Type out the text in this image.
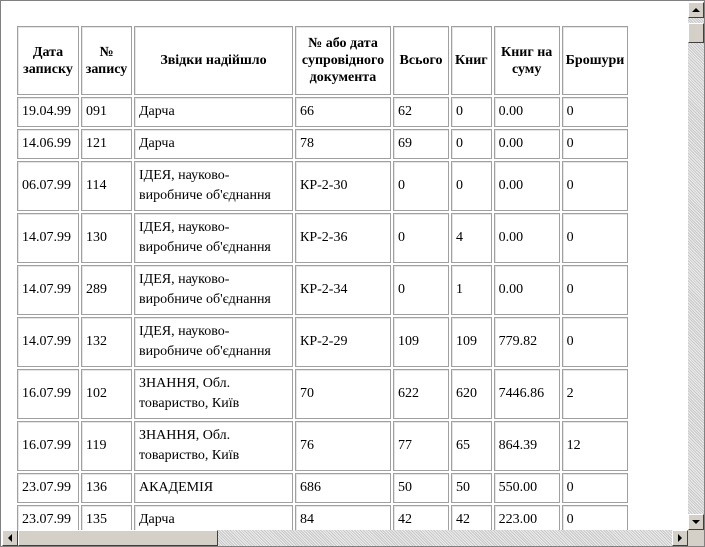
Дата записку	№ запису	Звідки надійшло	№ або дата супровідного документа	Всього	Книг	Книг на суму	Брошури
19.04.99	091	Дарча	66	62	0	0.00	0
14.06.99	121	Дарча	78	69	0	0.00	0
06.07.99	114	ІДЕЯ, науково-виробниче об'єднання	КР-2-30	0	0	0.00	0
14.07.99	130	ІДЕЯ, науково-виробниче об'єднання	КР-2-36	0	4	0.00	0
14.07.99	289	ІДЕЯ, науково-виробниче об'єднання	КР-2-34	0	1	0.00	0
14.07.99	132	ІДЕЯ, науково-виробниче об'єднання	КР-2-29	109	109	779.82	0
16.07.99	102	ЗНАННЯ, Обл. товариство, Київ	70	622	620	7446.86	2
16.07.99	119	ЗНАННЯ, Обл. товариство, Київ	76	77	65	864.39	12
23.07.99	136	АКАДЕМІЯ	686	50	50	550.00	0
23.07.99	135	Дарча	84	42	42	223.00	0
